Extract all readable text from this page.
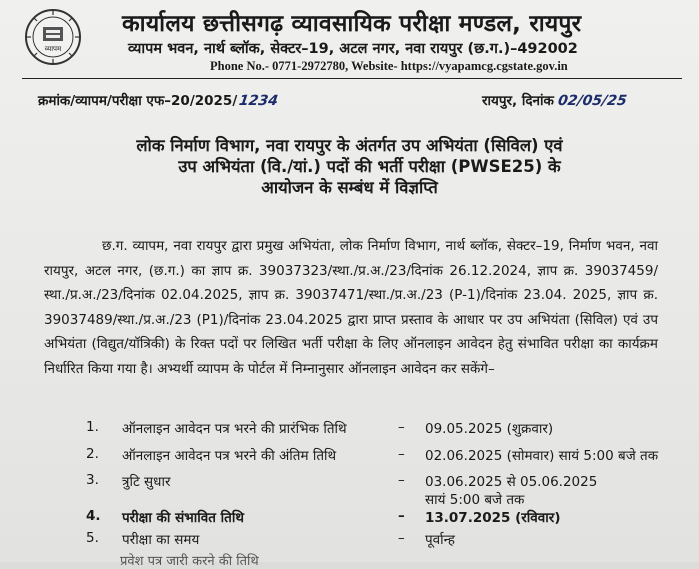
व्यापम
कार्यालय छत्तीसगढ़ व्यावसायिक परीक्षा मण्डल, रायपुर
व्यापम भवन, नार्थ ब्लॉक, सेक्टर–19, अटल नगर, नवा रायपुर (छ.ग.)–492002
Phone No.- 0771-2972780, Website- https://vyapamcg.cgstate.gov.in
क्रमांक/व्यापम/परीक्षा एफ–20/2025/1234	रायपुर, दिनांक 02/05/25
लोक निर्माण विभाग, नवा रायपुर के अंतर्गत उप अभियंता (सिविल) एवं
उप अभियंता (वि./यां.) पदों की भर्ती परीक्षा (PWSE25) के
आयोजन के सम्बंध में विज्ञप्ति
छ.ग. व्यापम, नवा रायपुर द्वारा प्रमुख अभियंता, लोक निर्माण विभाग, नार्थ ब्लॉक, सेक्टर–19, निर्माण भवन, नवा रायपुर, अटल नगर, (छ.ग.) का ज्ञाप क्र. 39037323/स्था./प्र.अ./23/दिनांक 26.12.2024, ज्ञाप क्र. 39037459/स्था./प्र.अ./23/दिनांक 02.04.2025, ज्ञाप क्र. 39037471/स्था./प्र.अ./23 (P-1)/दिनांक 23.04. 2025, ज्ञाप क्र. 39037489/स्था./प्र.अ./23 (P1)/दिनांक 23.04.2025 द्वारा प्राप्त प्रस्ताव के आधार पर उप अभियंता (सिविल) एवं उप अभियंता (विद्युत/यॉत्रिकी) के रिक्त पदों पर लिखित भर्ती परीक्षा के लिए ऑनलाइन आवेदन हेतु संभावित परीक्षा का कार्यक्रम निर्धारित किया गया है। अभ्यर्थी व्यापम के पोर्टल में निम्नानुसार ऑनलाइन आवेदन कर सकेंगे–
1. ऑनलाइन आवेदन पत्र भरने की प्रारंभिक तिथि	– 09.05.2025 (शुक्रवार)
2. ऑनलाइन आवेदन पत्र भरने की अंतिम तिथि	– 02.06.2025 (सोमवार) सायं 5:00 बजे तक
3. त्रुटि सुधार	– 03.06.2025 से 05.06.2025
सायं 5:00 बजे तक
4. परीक्षा की संभावित तिथि	– 13.07.2025 (रविवार)
5. परीक्षा का समय	– पूर्वान्ह
प्रवेश पत्र जारी करने की तिथि
